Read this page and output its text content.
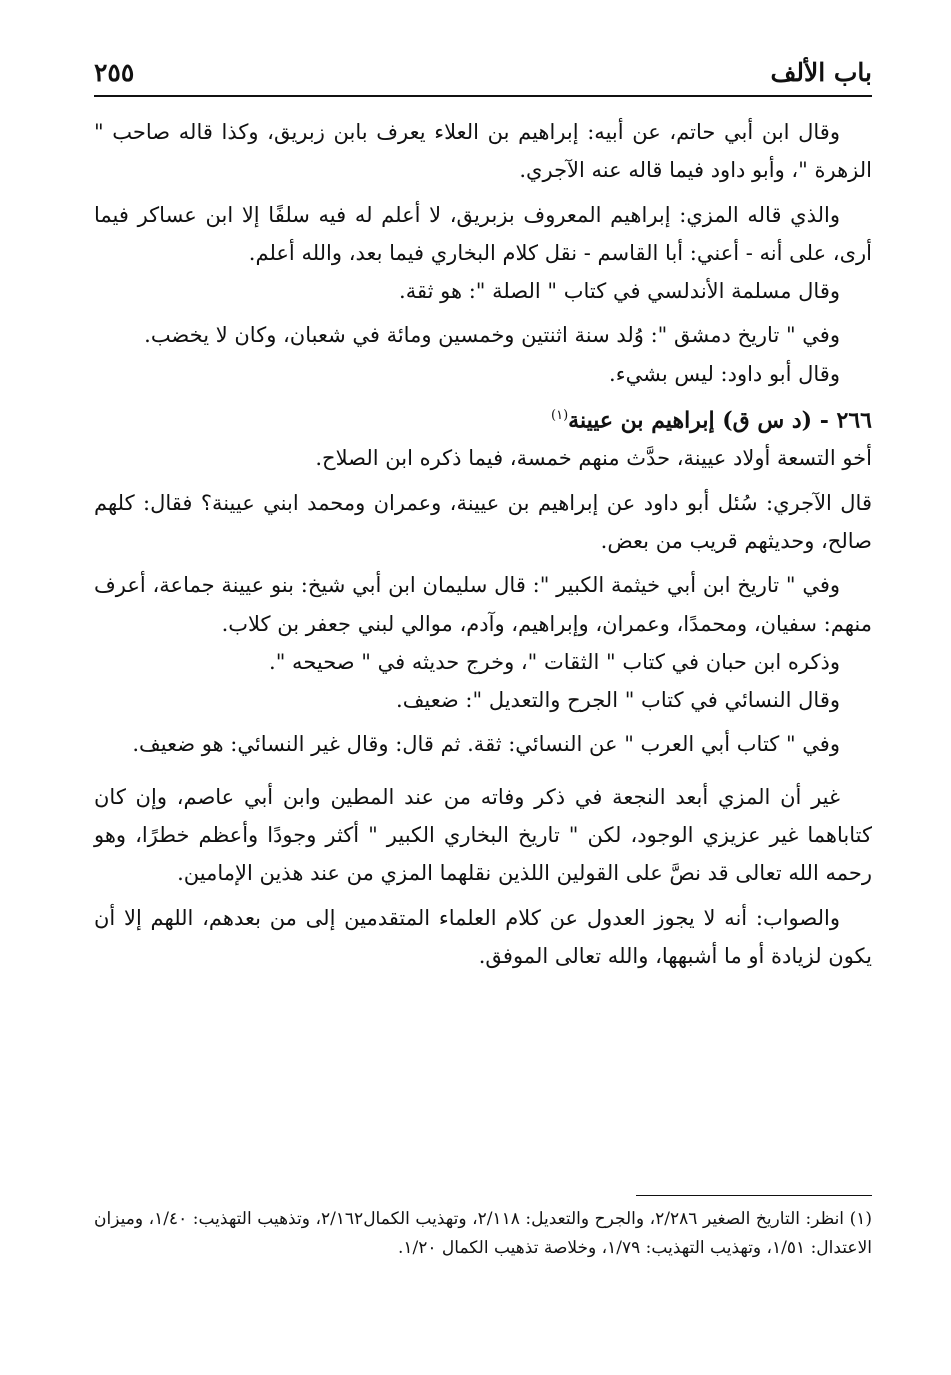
باب الألف
٢٥٥

وقال ابن أبي حاتم، عن أبيه: إبراهيم بن العلاء يعرف بابن زبريق، وكذا قاله صاحب " الزهرة "، وأبو داود فيما قاله عنه الآجري.

والذي قاله المزي: إبراهيم المعروف بزبريق، لا أعلم له فيه سلفًا إلا ابن عساكر فيما أرى، على أنه - أعني: أبا القاسم - نقل كلام البخاري فيما بعد، والله أعلم.

وقال مسلمة الأندلسي في كتاب " الصلة ": هو ثقة.

وفي " تاريخ دمشق ": وُلد سنة اثنتين وخمسين ومائة في شعبان، وكان لا يخضب.

وقال أبو داود: ليس بشيء.

٢٦٦ - (د س ق) إبراهيم بن عيينة$^{(١)}$

أخو التسعة أولاد عيينة، حدَّث منهم خمسة، فيما ذكره ابن الصلاح.

قال الآجري: سُئل أبو داود عن إبراهيم بن عيينة، وعمران ومحمد ابني عيينة؟ فقال: كلهم صالح، وحديثهم قريب من بعض.

وفي " تاريخ ابن أبي خيثمة الكبير ": قال سليمان ابن أبي شيخ: بنو عيينة جماعة، أعرف منهم: سفيان، ومحمدًا، وعمران، وإبراهيم، وآدم، موالي لبني جعفر بن كلاب.

وذكره ابن حبان في كتاب " الثقات "، وخرج حديثه في " صحيحه ".

وقال النسائي في كتاب " الجرح والتعديل ": ضعيف.

وفي " كتاب أبي العرب " عن النسائي: ثقة. ثم قال: وقال غير النسائي: هو ضعيف.

غير أن المزي أبعد النجعة في ذكر وفاته من عند المطين وابن أبي عاصم، وإن كان كتاباهما غير عزيزي الوجود، لكن " تاريخ البخاري الكبير " أكثر وجودًا وأعظم خطرًا، وهو رحمه الله تعالى قد نصَّ على القولين اللذين نقلهما المزي من عند هذين الإمامين.

والصواب: أنه لا يجوز العدول عن كلام العلماء المتقدمين إلى من بعدهم، اللهم إلا أن يكون لزيادة أو ما أشبهها، والله تعالى الموفق.

(١) انظر: التاريخ الصغير ٢/٢٨٦، والجرح والتعديل: ٢/١١٨، وتهذيب الكمال٢/١٦٢، وتذهيب التهذيب: ١/٤٠، وميزان الاعتدال: ١/٥١، وتهذيب التهذيب: ١/٧٩، وخلاصة تذهيب الكمال ١/٢٠.
